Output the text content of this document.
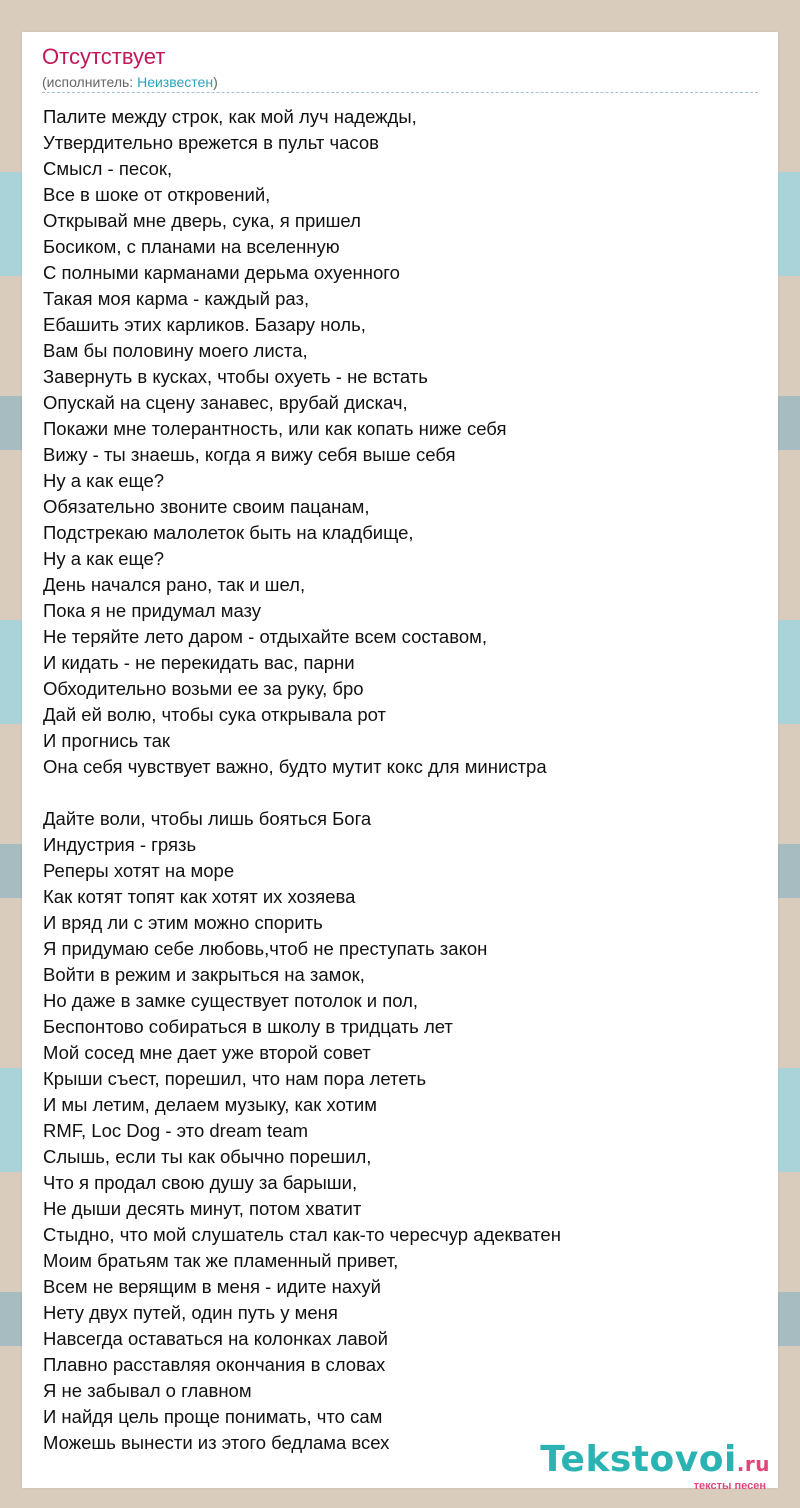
Отсутствует
(исполнитель: Неизвестен)
Палите между строк, как мой луч надежды,
Утвердительно врежется в пульт часов
Смысл - песок,
Все в шоке от откровений,
Открывай мне дверь, сука, я пришел
Босиком, с планами на вселенную
С полными карманами дерьма охуенного
Такая моя карма - каждый раз,
Ебашить этих карликов. Базару ноль,
Вам бы половину моего листа,
Завернуть в кусках, чтобы охуеть - не встать
Опускай на сцену занавес, врубай дискач,
Покажи мне толерантность, или как копать ниже себя
Вижу - ты знаешь, когда я вижу себя выше себя
Ну а как еще?
Обязательно звоните своим пацанам,
Подстрекаю малолеток быть на кладбище,
Ну а как еще?
День начался рано, так и шел,
Пока я не придумал мазу
Не теряйте лето даром - отдыхайте всем составом,
И кидать - не перекидать вас, парни
Обходительно возьми ее за руку, бро
Дай ей волю, чтобы сука открывала рот
И прогнись так
Она себя чувствует важно, будто мутит кокс для министра
Дайте воли, чтобы лишь бояться Бога
Индустрия - грязь
Реперы хотят на море
Как котят топят как хотят их хозяева
И вряд ли с этим можно спорить
Я придумаю себе любовь,чтоб не преступать закон
Войти в режим и закрыться на замок,
Но даже в замке существует потолок и пол,
Беспонтово собираться в школу в тридцать лет
Мой сосед мне дает уже второй совет
Крыши съест, порешил, что нам пора лететь
И мы летим, делаем музыку, как хотим
RMF, Loc Dog - это dream team
Слышь, если ты как обычно порешил,
Что я продал свою душу за барыши,
Не дыши десять минут, потом хватит
Стыдно, что мой слушатель стал как-то чересчур адекватен
Моим братьям так же пламенный привет,
Всем не верящим в меня - идите нахуй
Нету двух путей, один путь у меня
Навсегда оставаться на колонках лавой
Плавно расставляя окончания в словах
Я не забывал о главном
И найдя цель проще понимать, что сам
Можешь вынести из этого бедлама всех	Tekstovoi.ru
тексты песен
